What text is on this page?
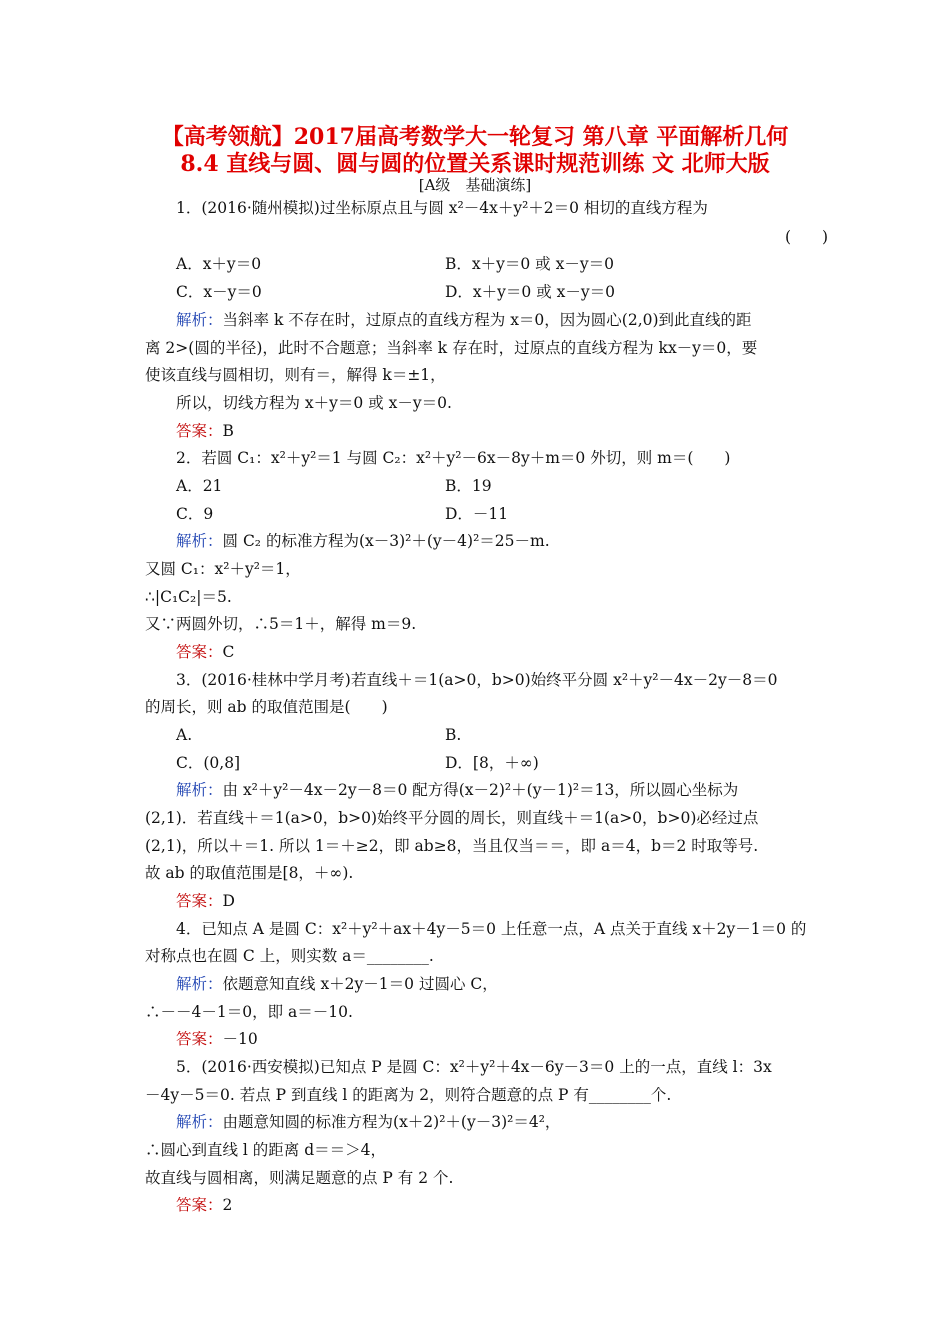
【高考领航】2017届高考数学大一轮复习 第八章 平面解析几何
8.4 直线与圆、圆与圆的位置关系课时规范训练 文 北师大版
[A级　基础演练]
1．(2016·随州模拟)过坐标原点且与圆 x²－4x＋y²＋2＝0 相切的直线方程为
(　　)
A．x＋y＝0	B．x＋y＝0 或 x－y＝0
C．x－y＝0	D．x＋y＝0 或 x－y＝0
解析：当斜率 k 不存在时，过原点的直线方程为 x＝0，因为圆心(2,0)到此直线的距
离 2>(圆的半径)，此时不合题意；当斜率 k 存在时，过原点的直线方程为 kx－y＝0，要
使该直线与圆相切，则有＝，解得 k＝±1，
所以，切线方程为 x＋y＝0 或 x－y＝0.
答案：B
2．若圆 C₁：x²＋y²＝1 与圆 C₂：x²＋y²－6x－8y＋m＝0 外切，则 m＝(　　)
A．21	B．19
C．9	D．－11
解析：圆 C₂ 的标准方程为(x－3)²＋(y－4)²＝25－m.
又圆 C₁：x²＋y²＝1，
∴|C₁C₂|＝5.
又∵两圆外切，∴5＝1＋，解得 m＝9.
答案：C
3．(2016·桂林中学月考)若直线＋＝1(a>0，b>0)始终平分圆 x²＋y²－4x－2y－8＝0
的周长，则 ab 的取值范围是(　　)
A.	B.
C．(0,8]	D．[8，＋∞)
解析：由 x²＋y²－4x－2y－8＝0 配方得(x－2)²＋(y－1)²＝13，所以圆心坐标为
(2,1)．若直线＋＝1(a>0，b>0)始终平分圆的周长，则直线＋＝1(a>0，b>0)必经过点
(2,1)，所以＋＝1. 所以 1＝＋≥2，即 ab≥8，当且仅当＝＝，即 a＝4，b＝2 时取等号.
故 ab 的取值范围是[8，＋∞).
答案：D
4．已知点 A 是圆 C：x²＋y²＋ax＋4y－5＝0 上任意一点，A 点关于直线 x＋2y－1＝0 的
对称点也在圆 C 上，则实数 a＝________.
解析：依题意知直线 x＋2y－1＝0 过圆心 C，
∴－－4－1＝0，即 a＝－10.
答案：－10
5．(2016·西安模拟)已知点 P 是圆 C：x²＋y²＋4x－6y－3＝0 上的一点，直线 l：3x
－4y－5＝0. 若点 P 到直线 l 的距离为 2，则符合题意的点 P 有________个.
解析：由题意知圆的标准方程为(x＋2)²＋(y－3)²＝4²，
∴圆心到直线 l 的距离 d＝＝＞4，
故直线与圆相离，则满足题意的点 P 有 2 个.
答案：2
